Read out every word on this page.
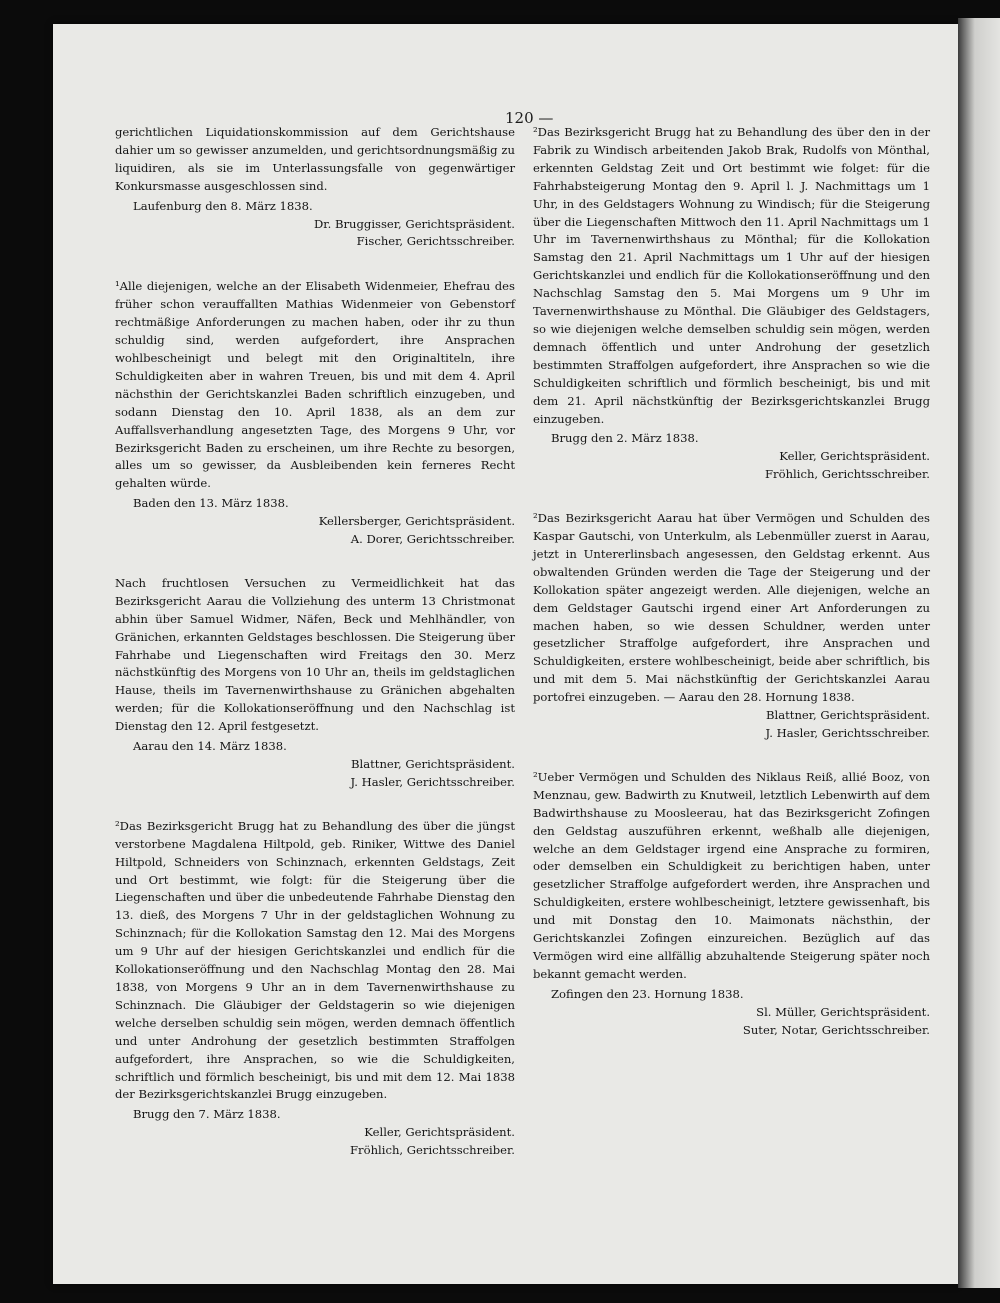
120 —

gerichtlichen Liquidationskommission auf dem Gerichtshause dahier um so gewisser anzumelden, und gerichtsordnungsmäßig zu liquidiren, als sie im Unterlassungsfalle von gegenwärtiger Konkursmasse ausgeschlossen sind.

Laufenburg den 8. März 1838.

Dr. Bruggisser, Gerichtspräsident.

Fischer, Gerichtsschreiber.

¹Alle diejenigen, welche an der Elisabeth Widenmeier, Ehefrau des früher schon verauffallten Mathias Widenmeier von Gebenstorf rechtmäßige Anforderungen zu machen haben, oder ihr zu thun schuldig sind, werden aufgefordert, ihre Ansprachen wohlbescheinigt und belegt mit den Originaltiteln, ihre Schuldigkeiten aber in wahren Treuen, bis und mit dem 4. April nächsthin der Gerichtskanzlei Baden schriftlich einzugeben, und sodann Dienstag den 10. April 1838, als an dem zur Auffallsverhandlung angesetzten Tage, des Morgens 9 Uhr, vor Bezirksgericht Baden zu erscheinen, um ihre Rechte zu besorgen, alles um so gewisser, da Ausbleibenden kein ferneres Recht gehalten würde.

Baden den 13. März 1838.

Kellersberger, Gerichtspräsident.

A. Dorer, Gerichtsschreiber.

Nach fruchtlosen Versuchen zu Vermeidlichkeit hat das Bezirksgericht Aarau die Vollziehung des unterm 13 Christmonat abhin über Samuel Widmer, Näfen, Beck und Mehlhändler, von Gränichen, erkannten Geldstages beschlossen. Die Steigerung über Fahrhabe und Liegenschaften wird Freitags den 30. Merz nächstkünftig des Morgens von 10 Uhr an, theils im geldstaglichen Hause, theils im Tavernenwirthshause zu Gränichen abgehalten werden; für die Kollokationseröffnung und den Nachschlag ist Dienstag den 12. April festgesetzt.

Aarau den 14. März 1838.

Blattner, Gerichtspräsident.

J. Hasler, Gerichtsschreiber.

²Das Bezirksgericht Brugg hat zu Behandlung des über die jüngst verstorbene Magdalena Hiltpold, geb. Riniker, Wittwe des Daniel Hiltpold, Schneiders von Schinznach, erkennten Geldstags, Zeit und Ort bestimmt, wie folgt: für die Steigerung über die Liegenschaften und über die unbedeutende Fahrhabe Dienstag den 13. dieß, des Morgens 7 Uhr in der geldstaglichen Wohnung zu Schinznach; für die Kollokation Samstag den 12. Mai des Morgens um 9 Uhr auf der hiesigen Gerichtskanzlei und endlich für die Kollokationseröffnung und den Nachschlag Montag den 28. Mai 1838, von Morgens 9 Uhr an in dem Tavernenwirthshause zu Schinznach. Die Gläubiger der Geldstagerin so wie diejenigen welche derselben schuldig sein mögen, werden demnach öffentlich und unter Androhung der gesetzlich bestimmten Straffolgen aufgefordert, ihre Ansprachen, so wie die Schuldigkeiten, schriftlich und förmlich bescheinigt, bis und mit dem 12. Mai 1838 der Bezirksgerichtskanzlei Brugg einzugeben.

Brugg den 7. März 1838.

Keller, Gerichtspräsident.

Fröhlich, Gerichtsschreiber.

²Das Bezirksgericht Brugg hat zu Behandlung des über den in der Fabrik zu Windisch arbeitenden Jakob Brak, Rudolfs von Mönthal, erkennten Geldstag Zeit und Ort bestimmt wie folget: für die Fahrhabsteigerung Montag den 9. April l. J. Nachmittags um 1 Uhr, in des Geldstagers Wohnung zu Windisch; für die Steigerung über die Liegenschaften Mittwoch den 11. April Nachmittags um 1 Uhr im Tavernenwirthshaus zu Mönthal; für die Kollokation Samstag den 21. April Nachmittags um 1 Uhr auf der hiesigen Gerichtskanzlei und endlich für die Kollokationseröffnung und den Nachschlag Samstag den 5. Mai Morgens um 9 Uhr im Tavernenwirthshause zu Mönthal. Die Gläubiger des Geldstagers, so wie diejenigen welche demselben schuldig sein mögen, werden demnach öffentlich und unter Androhung der gesetzlich bestimmten Straffolgen aufgefordert, ihre Ansprachen so wie die Schuldigkeiten schriftlich und förmlich bescheinigt, bis und mit dem 21. April nächstkünftig der Bezirksgerichtskanzlei Brugg einzugeben.

Brugg den 2. März 1838.

Keller, Gerichtspräsident.

Fröhlich, Gerichtsschreiber.

²Das Bezirksgericht Aarau hat über Vermögen und Schulden des Kaspar Gautschi, von Unterkulm, als Lebenmüller zuerst in Aarau, jetzt in Untererlinsbach angesessen, den Geldstag erkennt. Aus obwaltenden Gründen werden die Tage der Steigerung und der Kollokation später angezeigt werden. Alle diejenigen, welche an dem Geldstager Gautschi irgend einer Art Anforderungen zu machen haben, so wie dessen Schuldner, werden unter gesetzlicher Straffolge aufgefordert, ihre Ansprachen und Schuldigkeiten, erstere wohlbescheinigt, beide aber schriftlich, bis und mit dem 5. Mai nächstkünftig der Gerichtskanzlei Aarau portofrei einzugeben. — Aarau den 28. Hornung 1838.

Blattner, Gerichtspräsident.

J. Hasler, Gerichtsschreiber.

²Ueber Vermögen und Schulden des Niklaus Reiß, allié Booz, von Menznau, gew. Badwirth zu Knutweil, letztlich Lebenwirth auf dem Badwirthshause zu Moosleerau, hat das Bezirksgericht Zofingen den Geldstag auszuführen erkennt, weßhalb alle diejenigen, welche an dem Geldstager irgend eine Ansprache zu formiren, oder demselben ein Schuldigkeit zu berichtigen haben, unter gesetzlicher Straffolge aufgefordert werden, ihre Ansprachen und Schuldigkeiten, erstere wohlbescheinigt, letztere gewissenhaft, bis und mit Donstag den 10. Maimonats nächsthin, der Gerichtskanzlei Zofingen einzureichen. Bezüglich auf das Vermögen wird eine allfällig abzuhaltende Steigerung später noch bekannt gemacht werden.

Zofingen den 23. Hornung 1838.

Sl. Müller, Gerichtspräsident.

Suter, Notar, Gerichtsschreiber.
